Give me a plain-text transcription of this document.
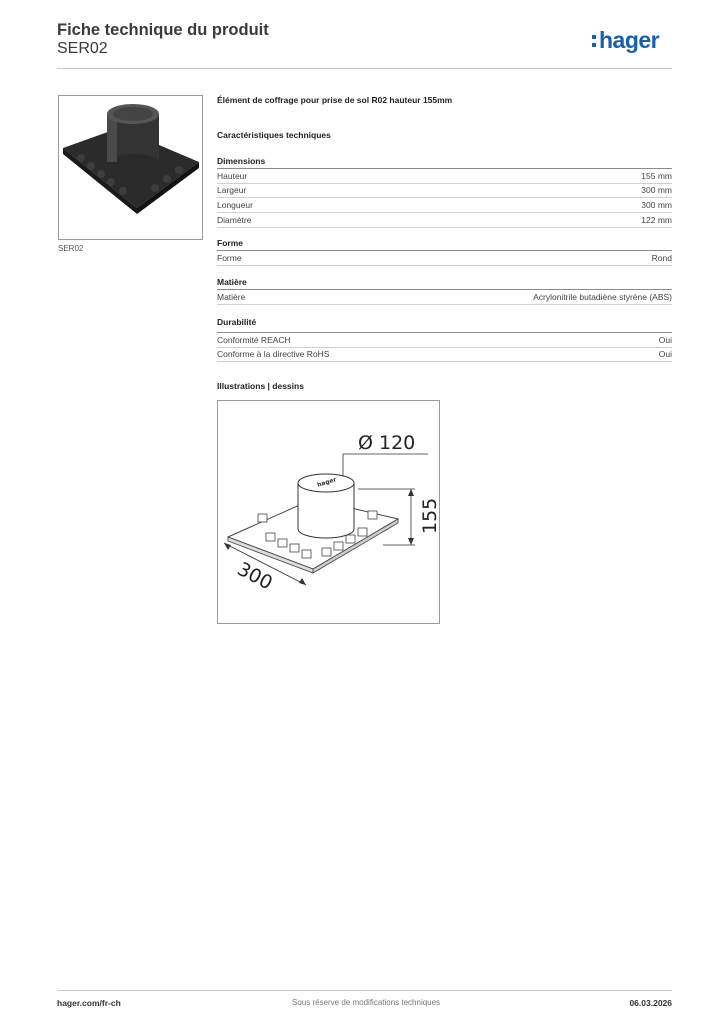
Fiche technique du produit
SER02	hager
SER02
Élément de coffrage pour prise de sol R02 hauteur 155mm
Caractéristiques techniques
Dimensions
Hauteur	155 mm
Largeur	300 mm
Longueur	300 mm
Diamètre	122 mm
Forme
Forme	Rond
Matière
Matière	Acrylonitrile butadiène styrène (ABS)
Durabilité
Conformité REACH	Oui
Conforme à la directive RoHS	Oui
Illustrations | dessins
hager
Ø 120
155
300
hager.com/fr-ch	Sous réserve de modifications techniques	06.03.2026
